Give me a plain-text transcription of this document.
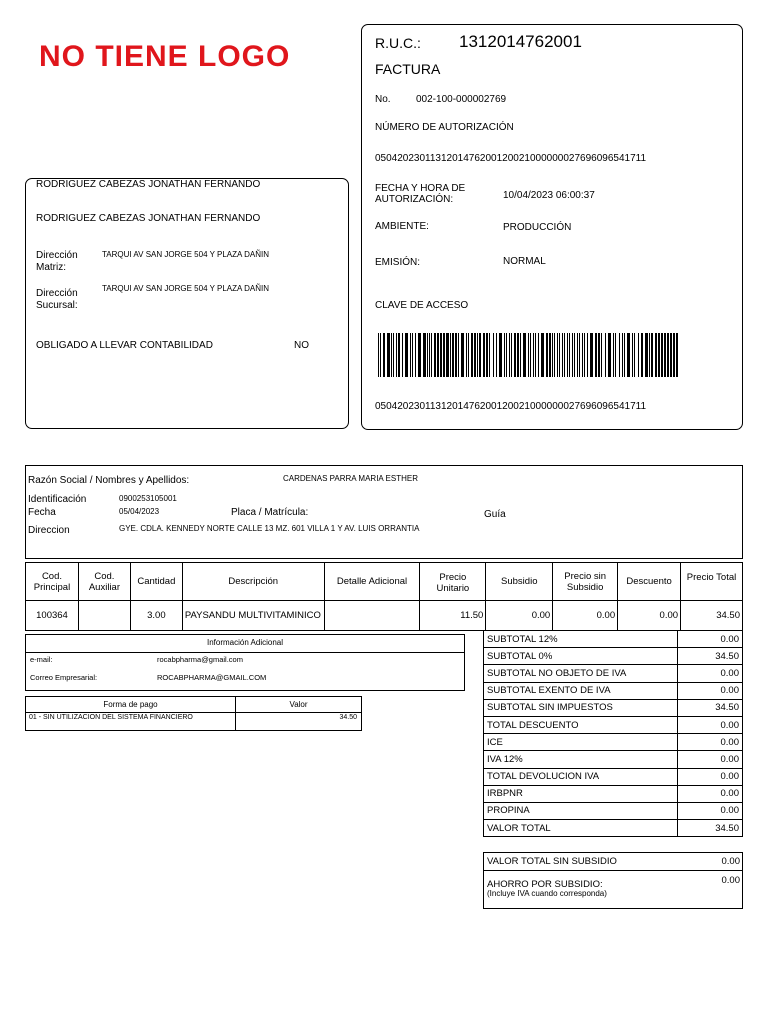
NO TIENE LOGO
RODRIGUEZ CABEZAS JONATHAN FERNANDO
RODRIGUEZ CABEZAS JONATHAN FERNANDO
Dirección Matriz:
TARQUI AV SAN JORGE 504 Y PLAZA DAÑIN
Dirección Sucursal:
TARQUI AV SAN JORGE 504 Y PLAZA DAÑIN
OBLIGADO A LLEVAR CONTABILIDAD	NO
R.U.C.: 1312014762001
FACTURA
No.	002-100-000002769
NÚMERO DE AUTORIZACIÓN
0504202301131201476200120021000000027696096541711
FECHA Y HORA DE AUTORIZACIÓN:	10/04/2023 06:00:37
AMBIENTE:	PRODUCCIÓN
EMISIÓN:	NORMAL
CLAVE DE ACCESO
0504202301131201476200120021000000027696096541711
Razón Social / Nombres y Apellidos:	CARDENAS PARRA MARIA ESTHER
Identificación	0900253105001
Fecha	05/04/2023	Placa / Matrícula:	Guía
Direccion	GYE. CDLA. KENNEDY NORTE CALLE 13 MZ. 601 VILLA 1 Y AV. LUIS ORRANTIA
Cod. Principal	Cod. Auxiliar	Cantidad	Descripción	Detalle Adicional	Precio Unitario	Subsidio	Precio sin Subsidio	Descuento	Precio Total
100364		3.00	PAYSANDU MULTIVITAMINICO		11.50	0.00	0.00	0.00	34.50
Información Adicional
e-mail:	rocabpharma@gmail.com
Correo Empresarial:	ROCABPHARMA@GMAIL.COM
Forma de pago	Valor
01 - SIN UTILIZACION DEL SISTEMA FINANCIERO	34.50
SUBTOTAL 12%	0.00
SUBTOTAL 0%	34.50
SUBTOTAL NO OBJETO DE IVA	0.00
SUBTOTAL EXENTO DE IVA	0.00
SUBTOTAL SIN IMPUESTOS	34.50
TOTAL DESCUENTO	0.00
ICE	0.00
IVA 12%	0.00
TOTAL DEVOLUCION IVA	0.00
IRBPNR	0.00
PROPINA	0.00
VALOR TOTAL	34.50
VALOR TOTAL SIN SUBSIDIO	0.00
AHORRO POR SUBSIDIO:
(Incluye IVA cuando corresponda)
0.00
